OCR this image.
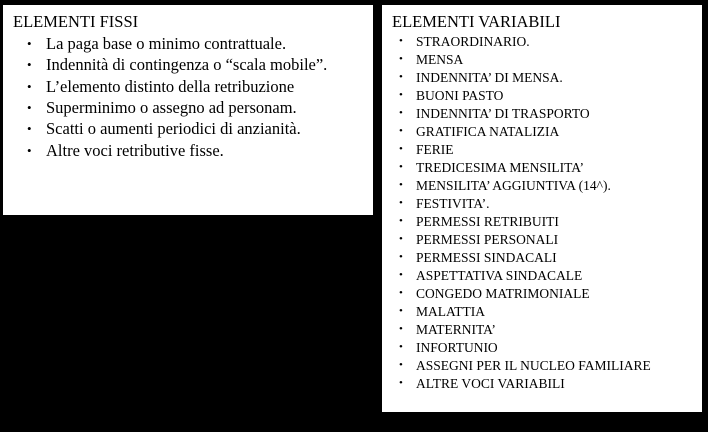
ELEMENTI FISSI
• La paga base o minimo contrattuale.
• Indennità di contingenza o “scala mobile”.
• L’elemento distinto della retribuzione
• Superminimo o assegno ad personam.
• Scatti o aumenti periodici di anzianità.
• Altre voci retributive fisse.
ELEMENTI VARIABILI
• STRAORDINARIO.
• MENSA
• INDENNITA’ DI MENSA.
• BUONI PASTO
• INDENNITA’ DI TRASPORTO
• GRATIFICA NATALIZIA
• FERIE
• TREDICESIMA MENSILITA’
• MENSILITA’ AGGIUNTIVA (14^).
• FESTIVITA’.
• PERMESSI RETRIBUITI
• PERMESSI PERSONALI
• PERMESSI SINDACALI
• ASPETTATIVA SINDACALE
• CONGEDO MATRIMONIALE
• MALATTIA
• MATERNITA’
• INFORTUNIO
• ASSEGNI PER IL NUCLEO FAMILIARE
• ALTRE VOCI VARIABILI
